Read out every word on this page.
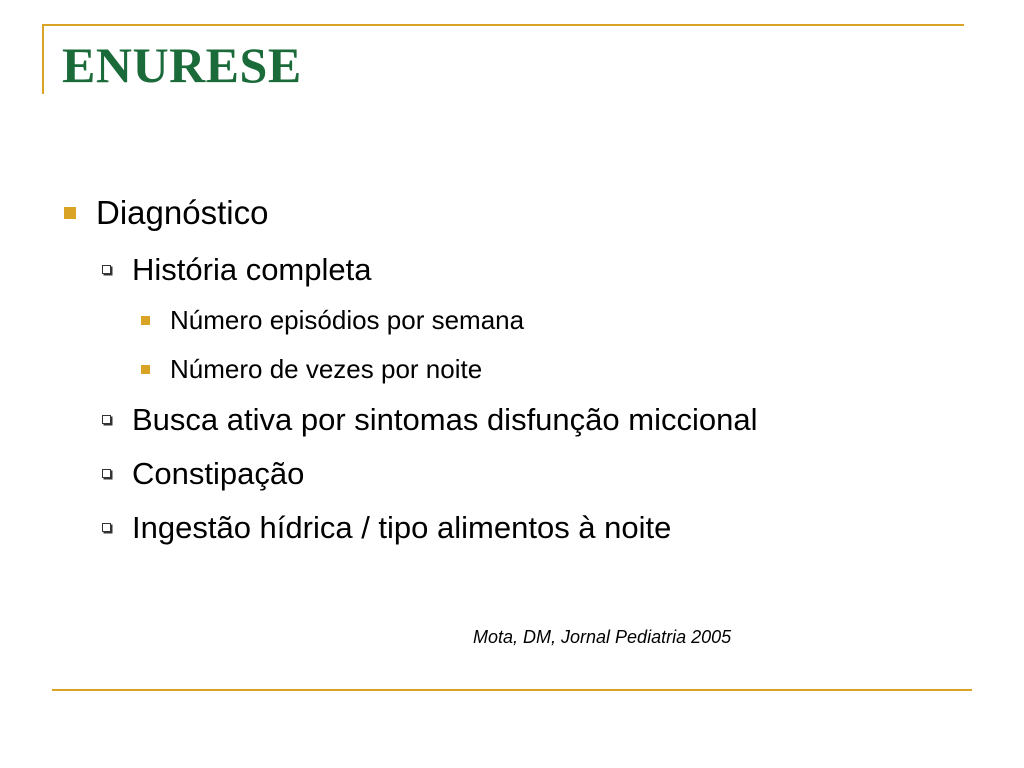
ENURESE
Diagnóstico
História completa
Número episódios por semana
Número de vezes por noite
Busca ativa por sintomas disfunção miccional
Constipação
Ingestão hídrica / tipo alimentos à noite
Mota, DM, Jornal Pediatria 2005
